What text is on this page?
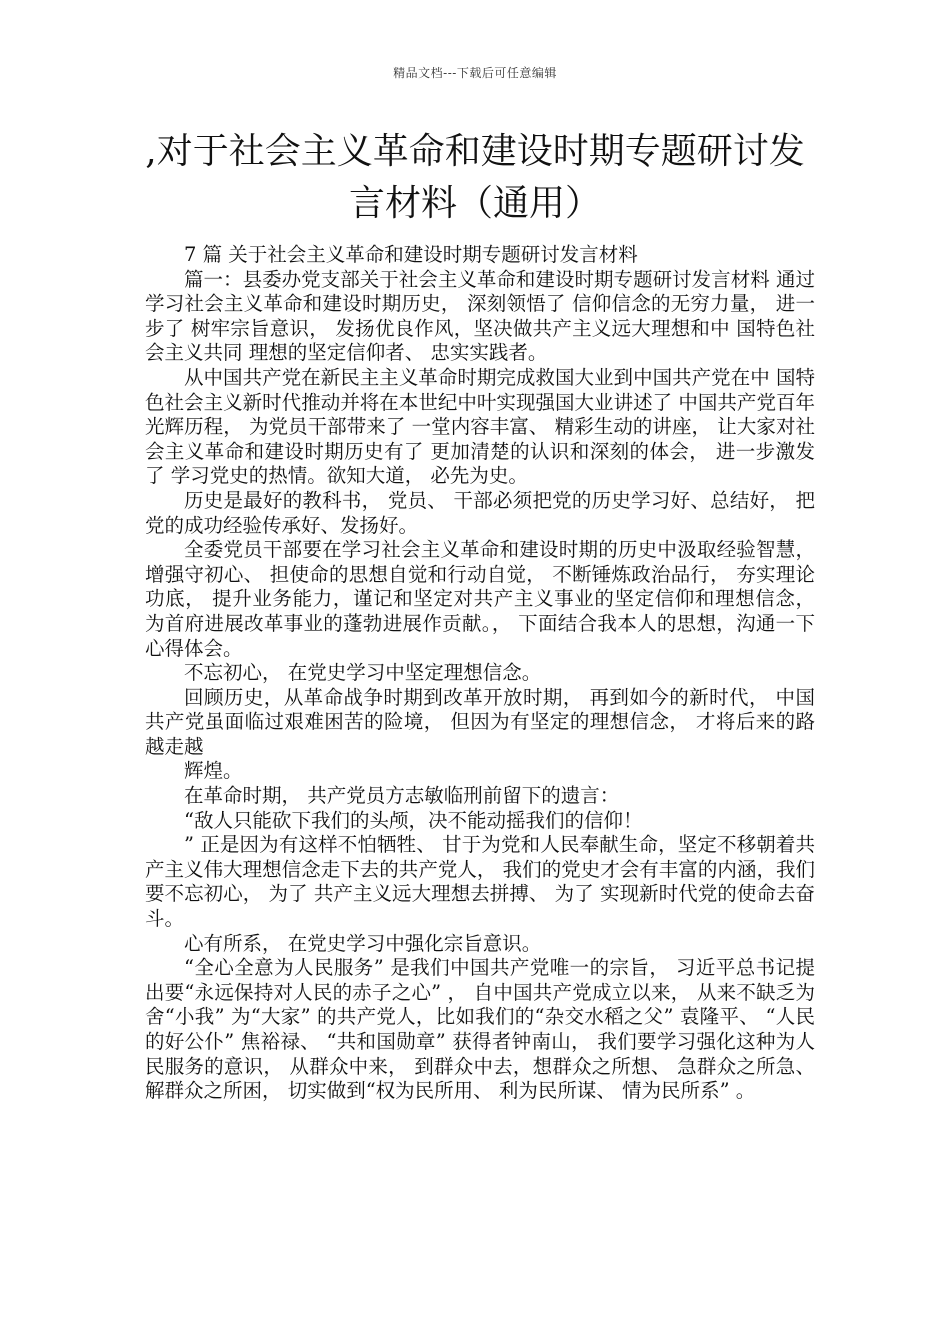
精品文档---下载后可任意编辑
,对于社会主义革命和建设时期专题研讨发
言材料（通用）

7 篇 关于社会主义革命和建设时期专题研讨发言材料

篇一：县委办党支部关于社会主义革命和建设时期专题研讨发言材料 通过学习社会主义革命和建设时期历史， 深刻领悟了 信仰信念的无穷力量， 进一步了 树牢宗旨意识， 发扬优良作风，坚决做共产主义远大理想和中 国特色社会主义共同 理想的坚定信仰者、 忠实实践者。

从中国共产党在新民主主义革命时期完成救国大业到中国共产党在中 国特色社会主义新时代推动并将在本世纪中叶实现强国大业讲述了 中国共产党百年光辉历程， 为党员干部带来了 一堂内容丰富、 精彩生动的讲座， 让大家对社会主义革命和建设时期历史有了 更加清楚的认识和深刻的体会， 进一步激发了 学习党史的热情。欲知大道， 必先为史。

历史是最好的教科书， 党员、 干部必须把党的历史学习好、总结好， 把党的成功经验传承好、发扬好。

全委党员干部要在学习社会主义革命和建设时期的历史中汲取经验智慧， 增强守初心、 担使命的思想自觉和行动自觉， 不断锤炼政治品行， 夯实理论功底， 提升业务能力，谨记和坚定对共产主义事业的坚定信仰和理想信念， 为首府进展改革事业的蓬勃进展作贡献。， 下面结合我本人的思想，沟通一下心得体会。

不忘初心， 在党史学习中坚定理想信念。

回顾历史，从革命战争时期到改革开放时期， 再到如今的新时代， 中国共产党虽面临过艰难困苦的险境， 但因为有坚定的理想信念， 才将后来的路越走越

辉煌。

在革命时期， 共产党员方志敏临刑前留下的遗言：

“敌人只能砍下我们的头颅，决不能动摇我们的信仰！

” 正是因为有这样不怕牺牲、 甘于为党和人民奉献生命，坚定不移朝着共产主义伟大理想信念走下去的共产党人， 我们的党史才会有丰富的内涵，我们要不忘初心， 为了 共产主义远大理想去拼搏、 为了 实现新时代党的使命去奋斗。

心有所系， 在党史学习中强化宗旨意识。

“全心全意为人民服务” 是我们中国共产党唯一的宗旨， 习近平总书记提出要“永远保持对人民的赤子之心” ， 自中国共产党成立以来， 从来不缺乏为舍“小我” 为“大家” 的共产党人，比如我们的“杂交水稻之父” 袁隆平、 “人民的好公仆” 焦裕禄、 “共和国勋章” 获得者钟南山， 我们要学习强化这种为人民服务的意识， 从群众中来， 到群众中去，想群众之所想、 急群众之所急、 解群众之所困， 切实做到“权为民所用、 利为民所谋、 情为民所系” 。
